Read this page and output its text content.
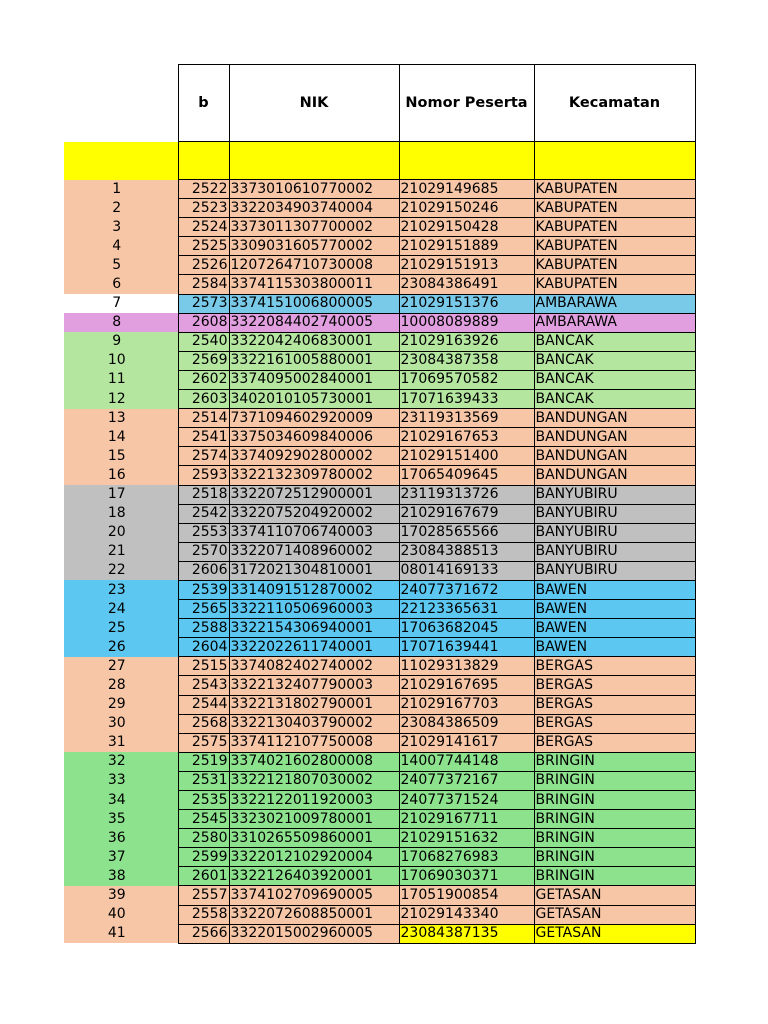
	b	NIK	Nomor Peserta	Kecamatan

1	2522	3373010610770002	21029149685	KABUPATEN
2	2523	3322034903740004	21029150246	KABUPATEN
3	2524	3373011307700002	21029150428	KABUPATEN
4	2525	3309031605770002	21029151889	KABUPATEN
5	2526	1207264710730008	21029151913	KABUPATEN
6	2584	3374115303800011	23084386491	KABUPATEN
7	2573	3374151006800005	21029151376	AMBARAWA
8	2608	3322084402740005	10008089889	AMBARAWA
9	2540	3322042406830001	21029163926	BANCAK
10	2569	3322161005880001	23084387358	BANCAK
11	2602	3374095002840001	17069570582	BANCAK
12	2603	3402010105730001	17071639433	BANCAK
13	2514	7371094602920009	23119313569	BANDUNGAN
14	2541	3375034609840006	21029167653	BANDUNGAN
15	2574	3374092902800002	21029151400	BANDUNGAN
16	2593	3322132309780002	17065409645	BANDUNGAN
17	2518	3322072512900001	23119313726	BANYUBIRU
18	2542	3322075204920002	21029167679	BANYUBIRU
20	2553	3374110706740003	17028565566	BANYUBIRU
21	2570	3322071408960002	23084388513	BANYUBIRU
22	2606	3172021304810001	08014169133	BANYUBIRU
23	2539	3314091512870002	24077371672	BAWEN
24	2565	3322110506960003	22123365631	BAWEN
25	2588	3322154306940001	17063682045	BAWEN
26	2604	3322022611740001	17071639441	BAWEN
27	2515	3374082402740002	11029313829	BERGAS
28	2543	3322132407790003	21029167695	BERGAS
29	2544	3322131802790001	21029167703	BERGAS
30	2568	3322130403790002	23084386509	BERGAS
31	2575	3374112107750008	21029141617	BERGAS
32	2519	3374021602800008	14007744148	BRINGIN
33	2531	3322121807030002	24077372167	BRINGIN
34	2535	3322122011920003	24077371524	BRINGIN
35	2545	3323021009780001	21029167711	BRINGIN
36	2580	3310265509860001	21029151632	BRINGIN
37	2599	3322012102920004	17068276983	BRINGIN
38	2601	3322126403920001	17069030371	BRINGIN
39	2557	3374102709690005	17051900854	GETASAN
40	2558	3322072608850001	21029143340	GETASAN
41	2566	3322015002960005	23084387135	GETASAN
